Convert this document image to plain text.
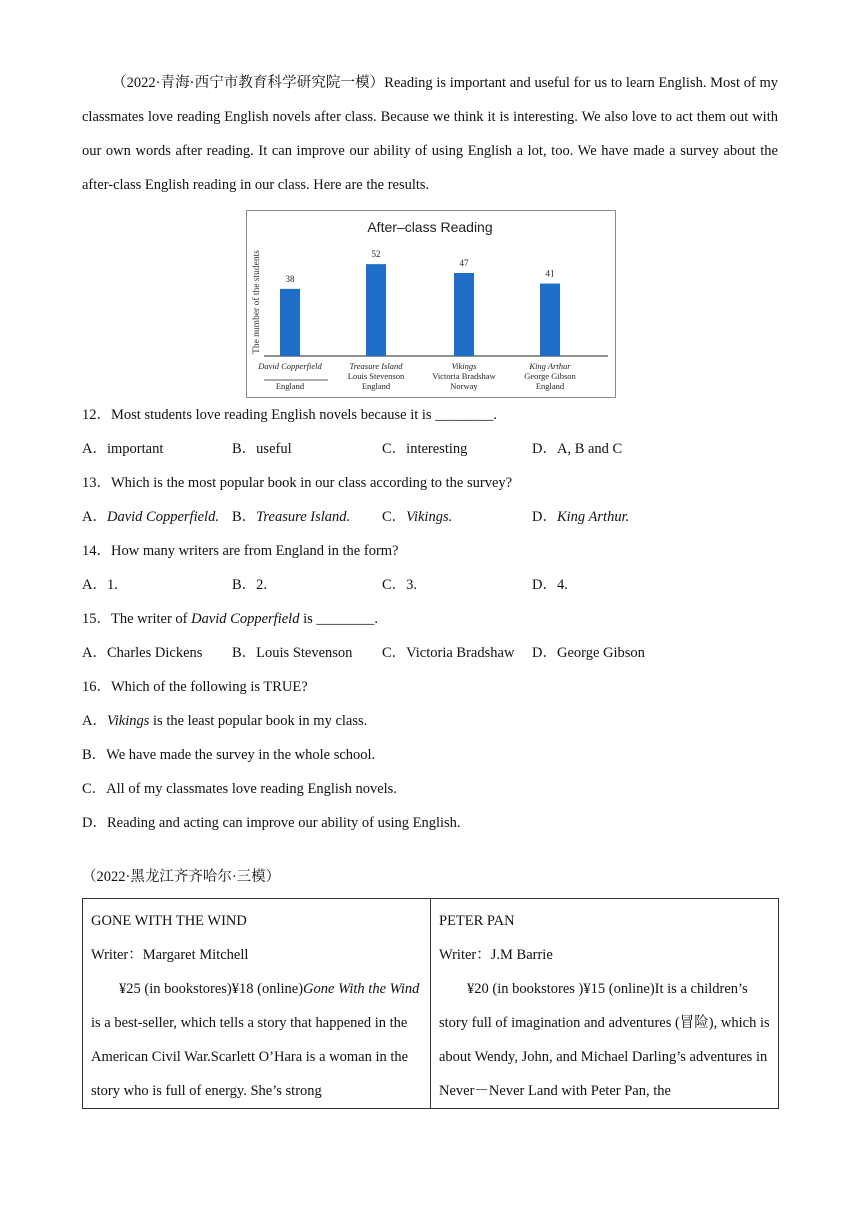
（2022·青海·西宁市教育科学研究院一模）Reading is important and useful for us to learn English. Most of my classmates love reading English novels after class. Because we think it is interesting. We also love to act them out with our own words after reading. It can improve our ability of using English a lot, too. We have made a survey about the after-class English reading in our class. Here are the results.

After–class Reading
The number of the students	38
David Copperfield
England
52
Treasure Island
Louis Stevenson
England
47
Vikings
Victoria Bradshaw
Norway
41
King Arthur
George Gibson
England
12．Most students love reading English novels because it is ________.
A．important	B．useful	C．interesting	D．A, B and C
13．Which is the most popular book in our class according to the survey?
A．David Copperfield. B．Treasure Island. C．Vikings.	D．King Arthur.
14．How many writers are from England in the form?
A．1.	B．2.	C．3.	D．4.
15．The writer of David Copperfield is ________.
A．Charles Dickens B．Louis Stevenson C．Victoria Bradshaw D．George Gibson
16．Which of the following is TRUE?
A．Vikings is the least popular book in my class.
B．We have made the survey in the whole school.
C．All of my classmates love reading English novels.
D．Reading and acting can improve our ability of using English.
（2022·黑龙江齐齐哈尔·三模）
GONE WITH THE WIND
Writer：Margaret Mitchell
¥25 (in bookstores)¥18 (online)Gone With the Wind is a best-seller, which tells a story that happened in the American Civil War.Scarlett O’Hara is a woman in the story who is full of energy. She’s strong

PETER PAN
Writer：J.M Barrie
¥20 (in bookstores )¥15 (online)It is a children’s story full of imagination and adventures (冒险), which is about Wendy, John, and Michael Darling’s adventures in Never－Never Land with Peter Pan, the
